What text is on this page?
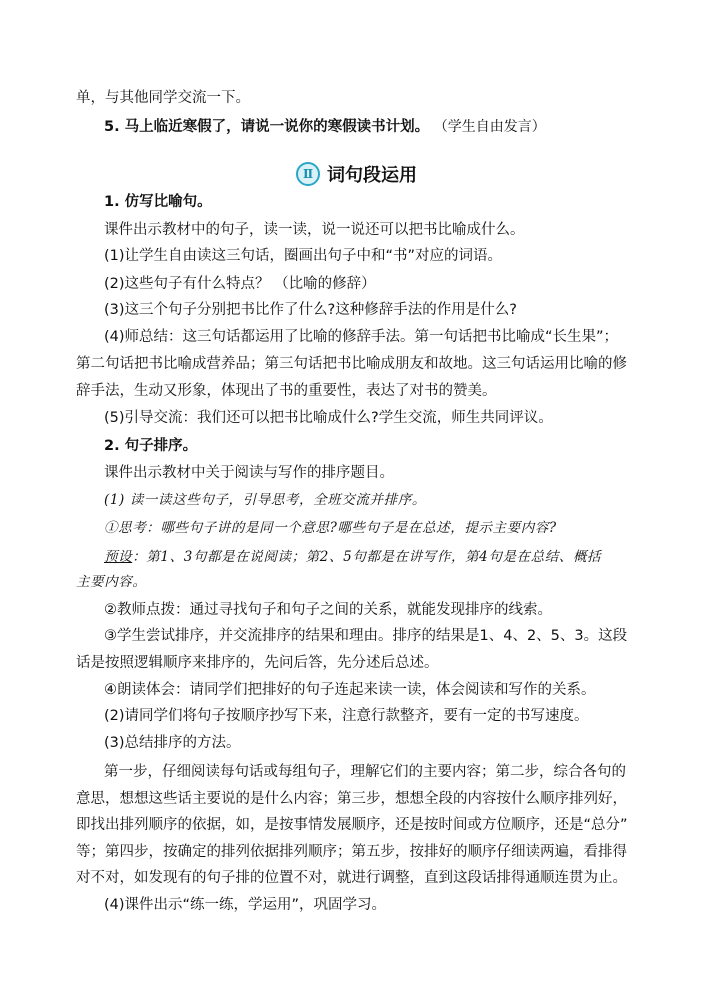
单，与其他同学交流一下。
5. 马上临近寒假了，请说一说你的寒假读书计划。 （学生自由发言）
Ⅱ 词句段运用
1. 仿写比喻句。
课件出示教材中的句子，读一读，说一说还可以把书比喻成什么。
(1)让学生自由读这三句话，圈画出句子中和“书”对应的词语。
(2)这些句子有什么特点？ （比喻的修辞）
(3)这三个句子分别把书比作了什么?这种修辞手法的作用是什么?
(4)师总结：这三句话都运用了比喻的修辞手法。第一句话把书比喻成“长生果”；
第二句话把书比喻成营养品；第三句话把书比喻成朋友和故地。这三句话运用比喻的修
辞手法，生动又形象，体现出了书的重要性，表达了对书的赞美。
(5)引导交流：我们还可以把书比喻成什么?学生交流，师生共同评议。
2. 句子排序。
课件出示教材中关于阅读与写作的排序题目。
(1) 读一读这些句子，引导思考，全班交流并排序。
①思考：哪些句子讲的是同一个意思?哪些句子是在总述，提示主要内容?
预设：第1、3句都是在说阅读；第2、5句都是在讲写作，第4句是在总结、概括
主要内容。
②教师点拨：通过寻找句子和句子之间的关系，就能发现排序的线索。
③学生尝试排序，并交流排序的结果和理由。排序的结果是1、4、2、5、3。这段
话是按照逻辑顺序来排序的，先问后答，先分述后总述。
④朗读体会：请同学们把排好的句子连起来读一读，体会阅读和写作的关系。
(2)请同学们将句子按顺序抄写下来，注意行款整齐，要有一定的书写速度。
(3)总结排序的方法。
第一步，仔细阅读每句话或每组句子，理解它们的主要内容；第二步，综合各句的
意思，想想这些话主要说的是什么内容；第三步，想想全段的内容按什么顺序排列好，
即找出排列顺序的依据，如，是按事情发展顺序，还是按时间或方位顺序，还是“总分”
等；第四步，按确定的排列依据排列顺序；第五步，按排好的顺序仔细读两遍，看排得
对不对，如发现有的句子排的位置不对，就进行调整，直到这段话排得通顺连贯为止。
(4)课件出示“练一练，学运用”，巩固学习。
